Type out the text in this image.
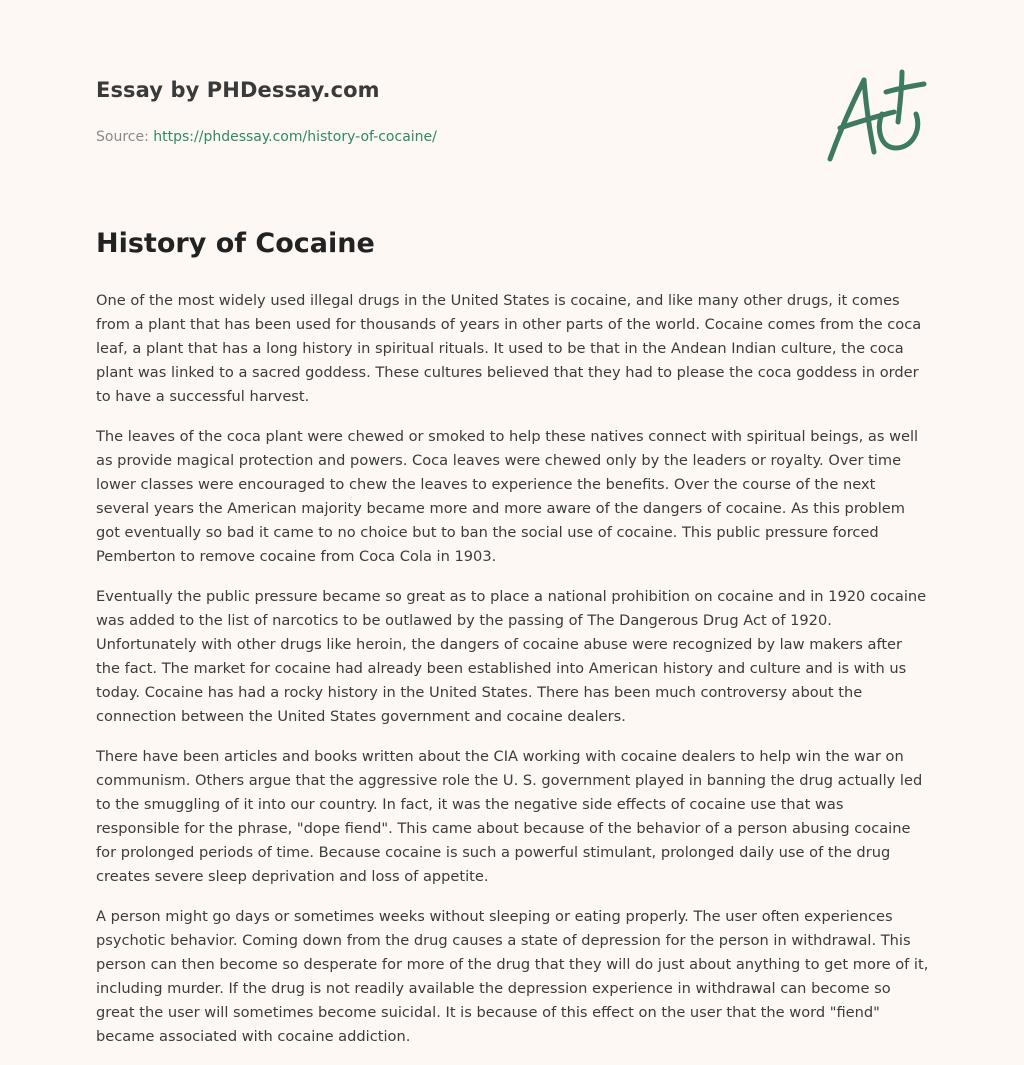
Essay by PHDessay.com
Source: https://phdessay.com/history-of-cocaine/
History of Cocaine

One of the most widely used illegal drugs in the United States is cocaine, and like many other drugs, it comes from a plant that has been used for thousands of years in other parts of the world. Cocaine comes from the coca leaf, a plant that has a long history in spiritual rituals. It used to be that in the Andean Indian culture, the coca plant was linked to a sacred goddess. These cultures believed that they had to please the coca goddess in order to have a successful harvest.

The leaves of the coca plant were chewed or smoked to help these natives connect with spiritual beings, as well as provide magical protection and powers. Coca leaves were chewed only by the leaders or royalty. Over time lower classes were encouraged to chew the leaves to experience the benefits. Over the course of the next several years the American majority became more and more aware of the dangers of cocaine. As this problem got eventually so bad it came to no choice but to ban the social use of cocaine. This public pressure forced Pemberton to remove cocaine from Coca Cola in 1903.

Eventually the public pressure became so great as to place a national prohibition on cocaine and in 1920 cocaine was added to the list of narcotics to be outlawed by the passing of The Dangerous Drug Act of 1920. Unfortunately with other drugs like heroin, the dangers of cocaine abuse were recognized by law makers after the fact. The market for cocaine had already been established into American history and culture and is with us today. Cocaine has had a rocky history in the United States. There has been much controversy about the connection between the United States government and cocaine dealers.

There have been articles and books written about the CIA working with cocaine dealers to help win the war on communism. Others argue that the aggressive role the U. S. government played in banning the drug actually led to the smuggling of it into our country. In fact, it was the negative side effects of cocaine use that was responsible for the phrase, "dope fiend". This came about because of the behavior of a person abusing cocaine for prolonged periods of time. Because cocaine is such a powerful stimulant, prolonged daily use of the drug creates severe sleep deprivation and loss of appetite.

A person might go days or sometimes weeks without sleeping or eating properly. The user often experiences psychotic behavior. Coming down from the drug causes a state of depression for the person in withdrawal. This person can then become so desperate for more of the drug that they will do just about anything to get more of it, including murder. If the drug is not readily available the depression experience in withdrawal can become so great the user will sometimes become suicidal. It is because of this effect on the user that the word "fiend" became associated with cocaine addiction.
